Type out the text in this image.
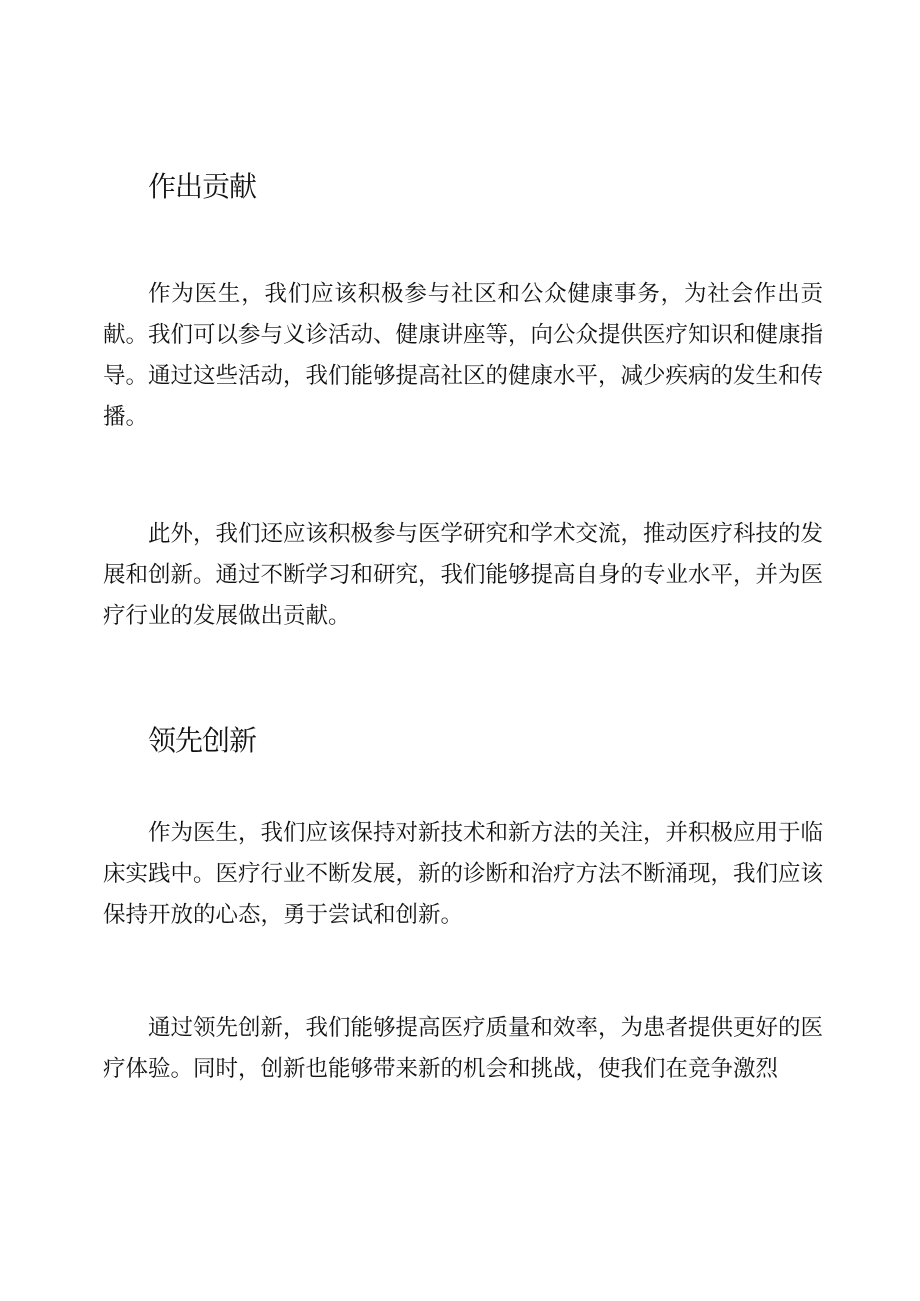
作出贡献

作为医生，我们应该积极参与社区和公众健康事务，为社会作出贡献。我们可以参与义诊活动、健康讲座等，向公众提供医疗知识和健康指导。通过这些活动，我们能够提高社区的健康水平，减少疾病的发生和传播。

此外，我们还应该积极参与医学研究和学术交流，推动医疗科技的发展和创新。通过不断学习和研究，我们能够提高自身的专业水平，并为医疗行业的发展做出贡献。

领先创新

作为医生，我们应该保持对新技术和新方法的关注，并积极应用于临床实践中。医疗行业不断发展，新的诊断和治疗方法不断涌现，我们应该保持开放的心态，勇于尝试和创新。

通过领先创新，我们能够提高医疗质量和效率，为患者提供更好的医疗体验。同时，创新也能够带来新的机会和挑战，使我们在竞争激烈
